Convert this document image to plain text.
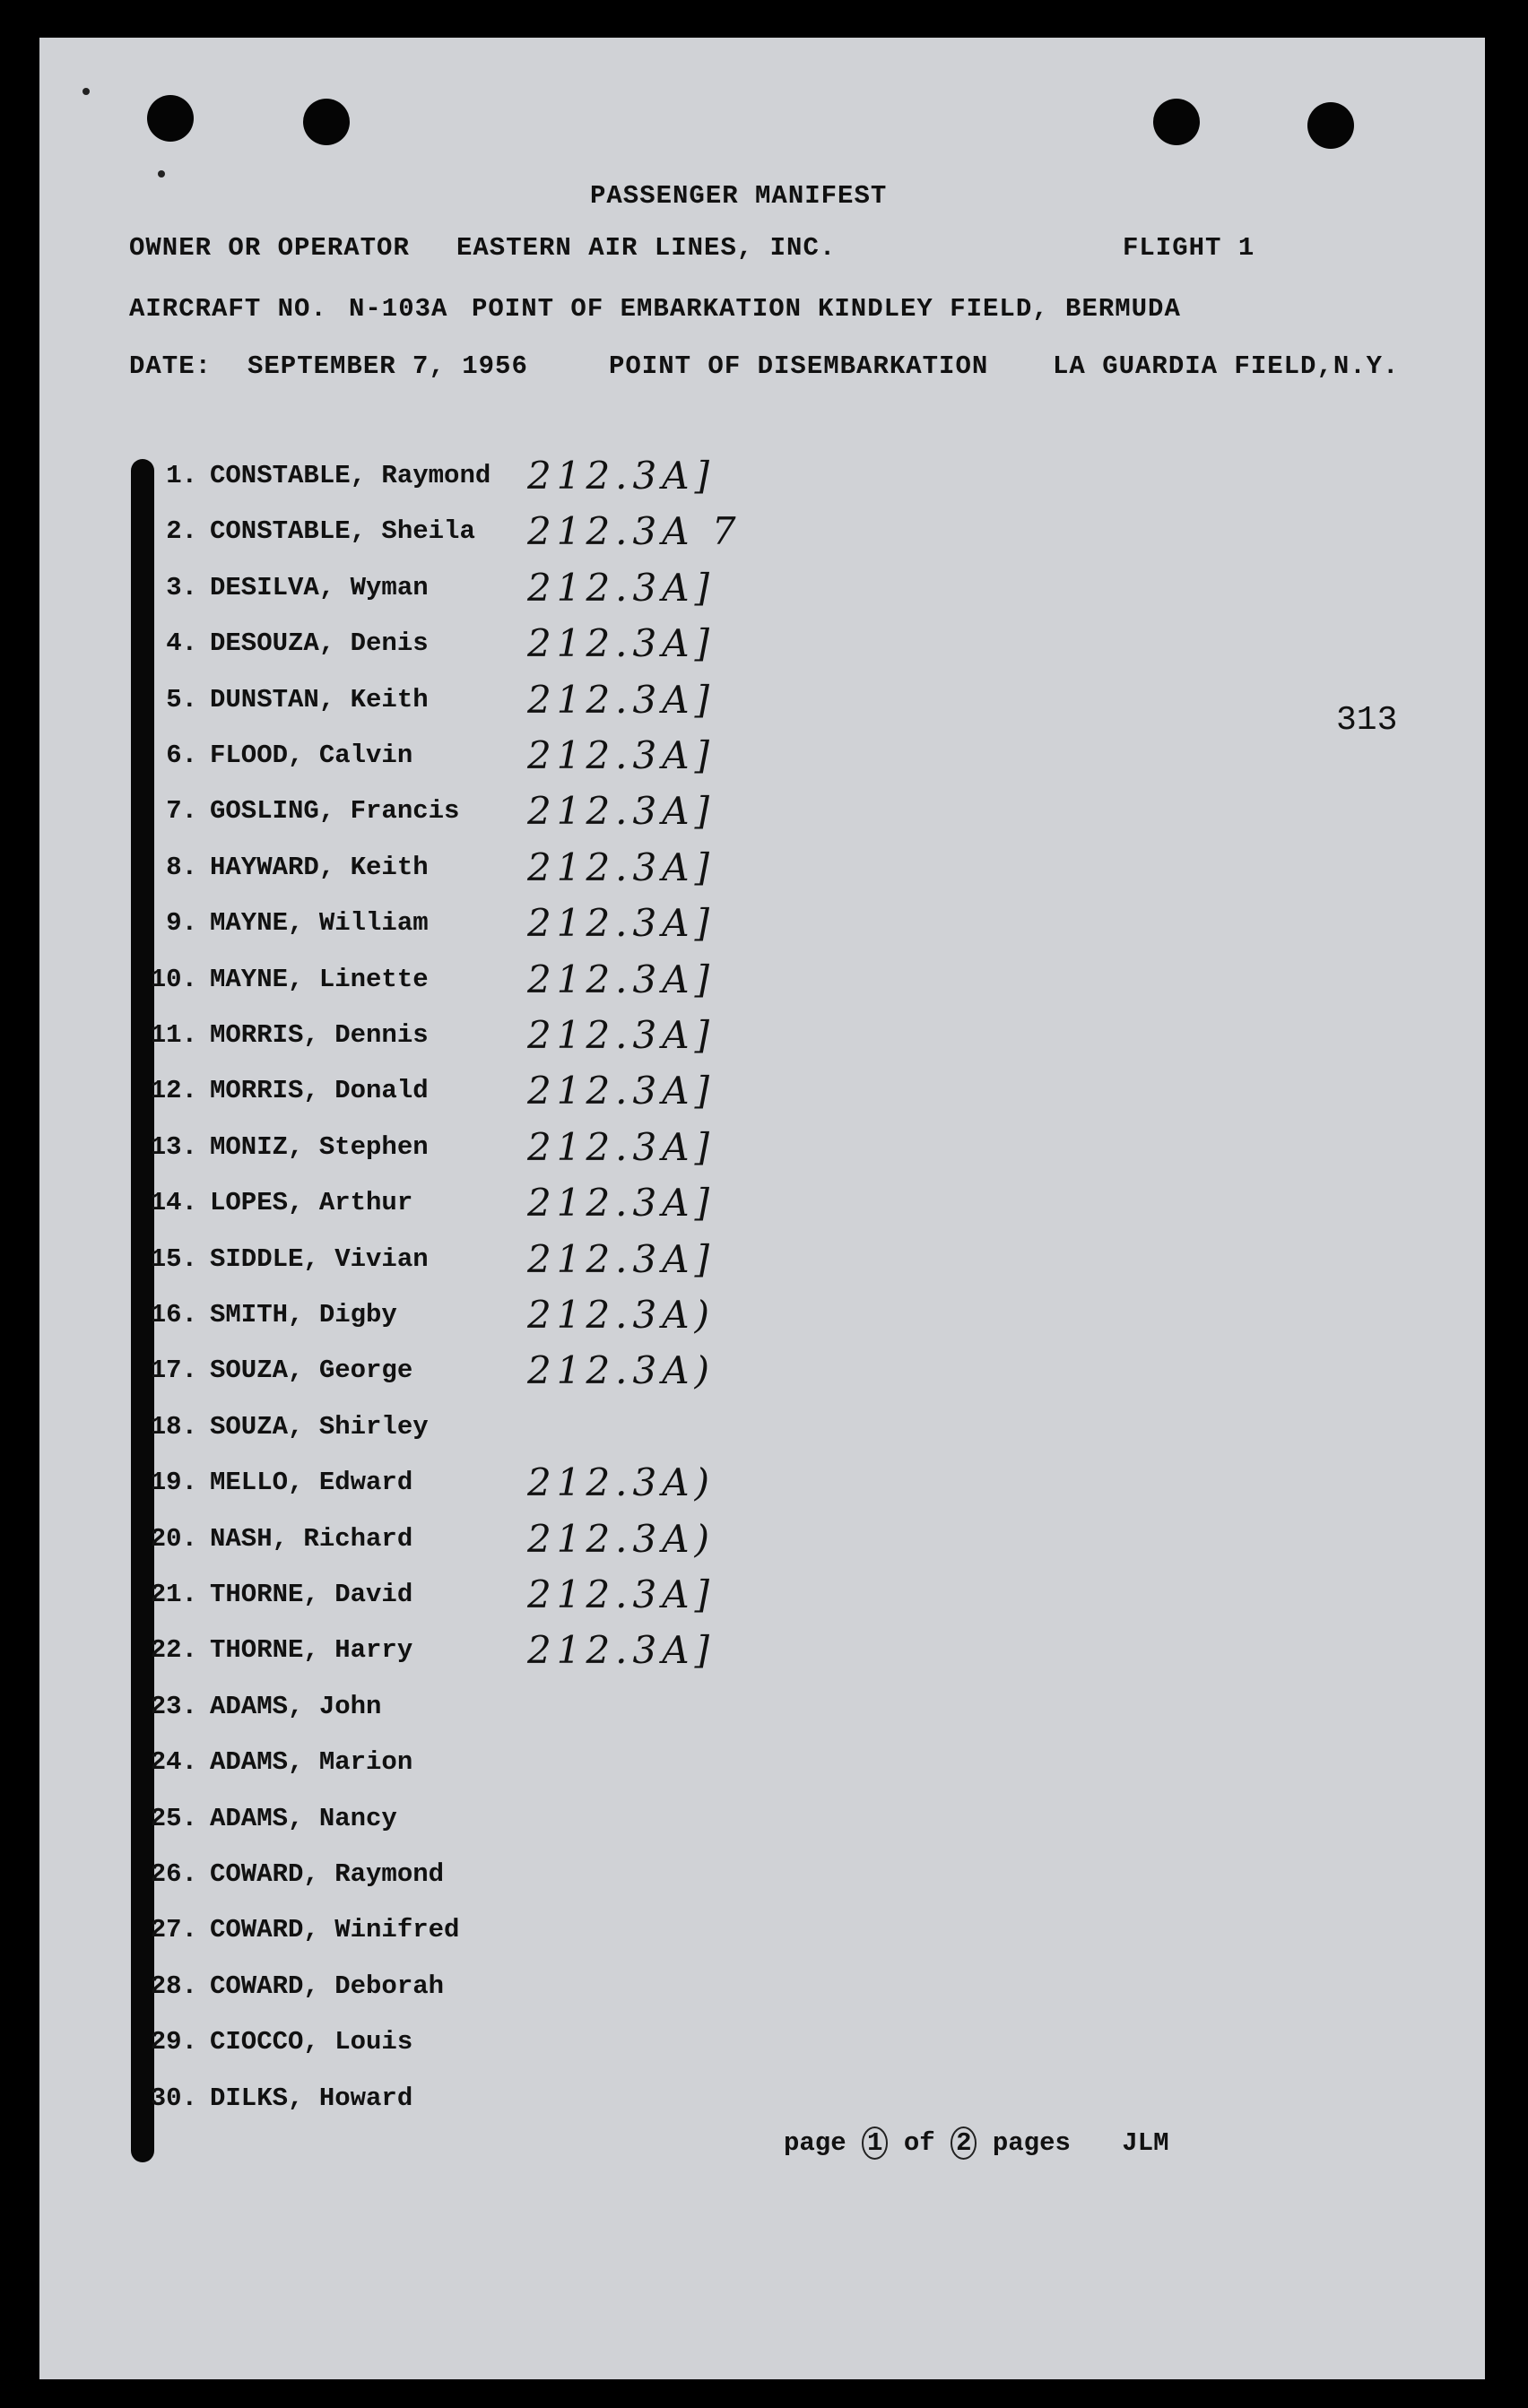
PASSENGER MANIFEST
OWNER OR OPERATOR EASTERN AIR LINES, INC.	FLIGHT 1
AIRCRAFT NO. N-103A POINT OF EMBARKATION KINDLEY FIELD, BERMUDA
DATE: SEPTEMBER 7, 1956	POINT OF DISEMBARKATION LA GUARDIA FIELD,N.Y.
313
1. CONSTABLE, Raymond 212.3A]
2. CONSTABLE, Sheila 212.3A 7
3. DESILVA, Wyman	212.3A]
4. DESOUZA, Denis	212.3A]
5. DUNSTAN, Keith	212.3A]
6. FLOOD, Calvin	212.3A]
7. GOSLING, Francis 212.3A]
8. HAYWARD, Keith	212.3A]
9. MAYNE, William	212.3A]
10. MAYNE, Linette	212.3A]
11. MORRIS, Dennis	212.3A]
12. MORRIS, Donald	212.3A]
13. MONIZ, Stephen	212.3A]
14. LOPES, Arthur	212.3A]
15. SIDDLE, Vivian	212.3A]
16. SMITH, Digby	212.3A)
17. SOUZA, George	212.3A)
18. SOUZA, Shirley
19. MELLO, Edward	212.3A)
20. NASH, Richard	212.3A)
21. THORNE, David	212.3A]
22. THORNE, Harry	212.3A]
23. ADAMS, John
24. ADAMS, Marion
25. ADAMS, Nancy
26. COWARD, Raymond
27. COWARD, Winifred
28. COWARD, Deborah
29. CIOCCO, Louis
30. DILKS, Howard
page 1 of 2 pages JLM
